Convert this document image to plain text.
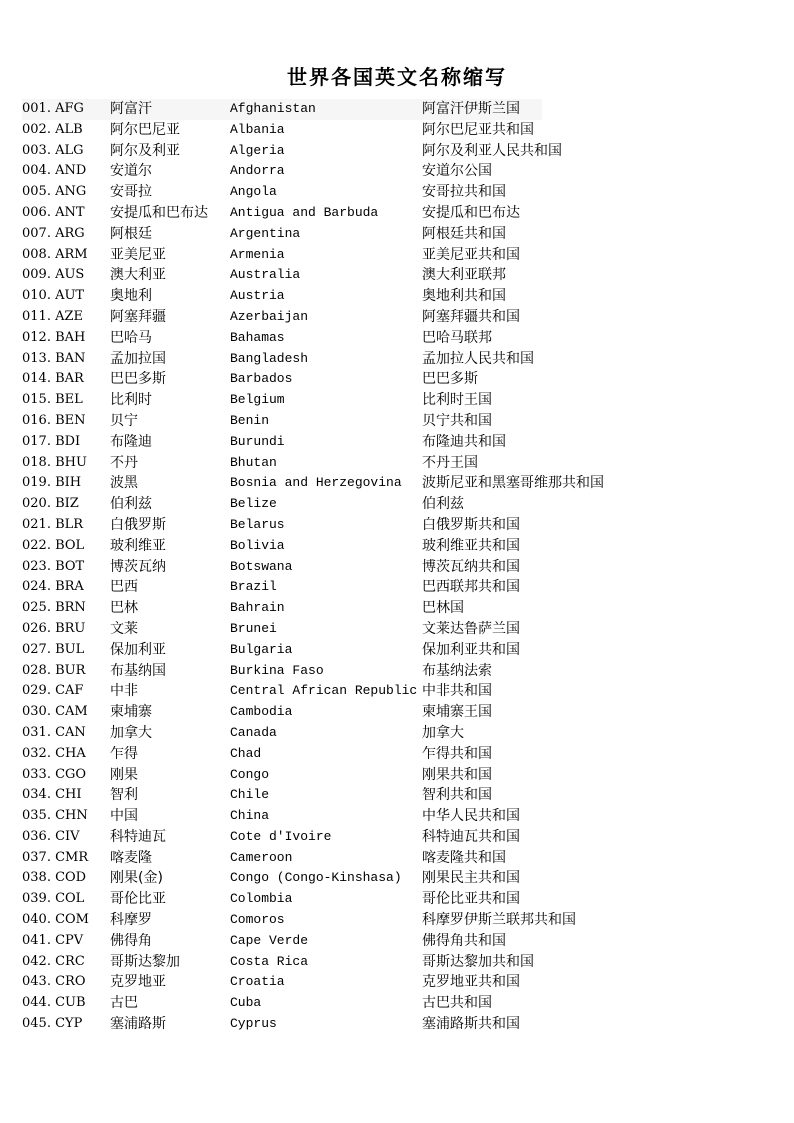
世界各国英文名称缩写
001. AFG 阿富汗	Afghanistan	阿富汗伊斯兰国
002. ALB 阿尔巴尼亚	Albania	阿尔巴尼亚共和国
003. ALG 阿尔及利亚	Algeria	阿尔及利亚人民共和国
004. AND 安道尔	Andorra	安道尔公国
005. ANG 安哥拉	Angola	安哥拉共和国
006. ANT 安提瓜和巴布达 Antigua and Barbuda	安提瓜和巴布达
007. ARG 阿根廷	Argentina	阿根廷共和国
008. ARM 亚美尼亚	Armenia	亚美尼亚共和国
009. AUS 澳大利亚	Australia	澳大利亚联邦
010. AUT 奥地利	Austria	奥地利共和国
011. AZE 阿塞拜疆	Azerbaijan	阿塞拜疆共和国
012. BAH 巴哈马	Bahamas	巴哈马联邦
013. BAN 孟加拉国	Bangladesh	孟加拉人民共和国
014. BAR 巴巴多斯	Barbados	巴巴多斯
015. BEL 比利时	Belgium	比利时王国
016. BEN 贝宁	Benin	贝宁共和国
017. BDI 布隆迪	Burundi	布隆迪共和国
018. BHU 不丹	Bhutan	不丹王国
019. BIH 波黑	Bosnia and Herzegovina 波斯尼亚和黑塞哥维那共和国
020. BIZ 伯利兹	Belize	伯利兹
021. BLR 白俄罗斯	Belarus	白俄罗斯共和国
022. BOL 玻利维亚	Bolivia	玻利维亚共和国
023. BOT 博茨瓦纳	Botswana	博茨瓦纳共和国
024. BRA 巴西	Brazil	巴西联邦共和国
025. BRN 巴林	Bahrain	巴林国
026. BRU 文莱	Brunei	文莱达鲁萨兰国
027. BUL 保加利亚	Bulgaria	保加利亚共和国
028. BUR 布基纳国	Burkina Faso	布基纳法索
029. CAF 中非	Central African Republic 中非共和国
030. CAM 柬埔寨	Cambodia	柬埔寨王国
031. CAN 加拿大	Canada	加拿大
032. CHA 乍得	Chad	乍得共和国
033. CGO 刚果	Congo	刚果共和国
034. CHI 智利	Chile	智利共和国
035. CHN 中国	China	中华人民共和国
036. CIV 科特迪瓦	Cote d'Ivoire	科特迪瓦共和国
037. CMR 喀麦隆	Cameroon	喀麦隆共和国
038. COD 刚果(金)	Congo (Congo-Kinshasa) 刚果民主共和国
039. COL 哥伦比亚	Colombia	哥伦比亚共和国
040. COM 科摩罗	Comoros	科摩罗伊斯兰联邦共和国
041. CPV 佛得角	Cape Verde	佛得角共和国
042. CRC 哥斯达黎加	Costa Rica	哥斯达黎加共和国
043. CRO 克罗地亚	Croatia	克罗地亚共和国
044. CUB 古巴	Cuba	古巴共和国
045. CYP 塞浦路斯	Cyprus	塞浦路斯共和国
